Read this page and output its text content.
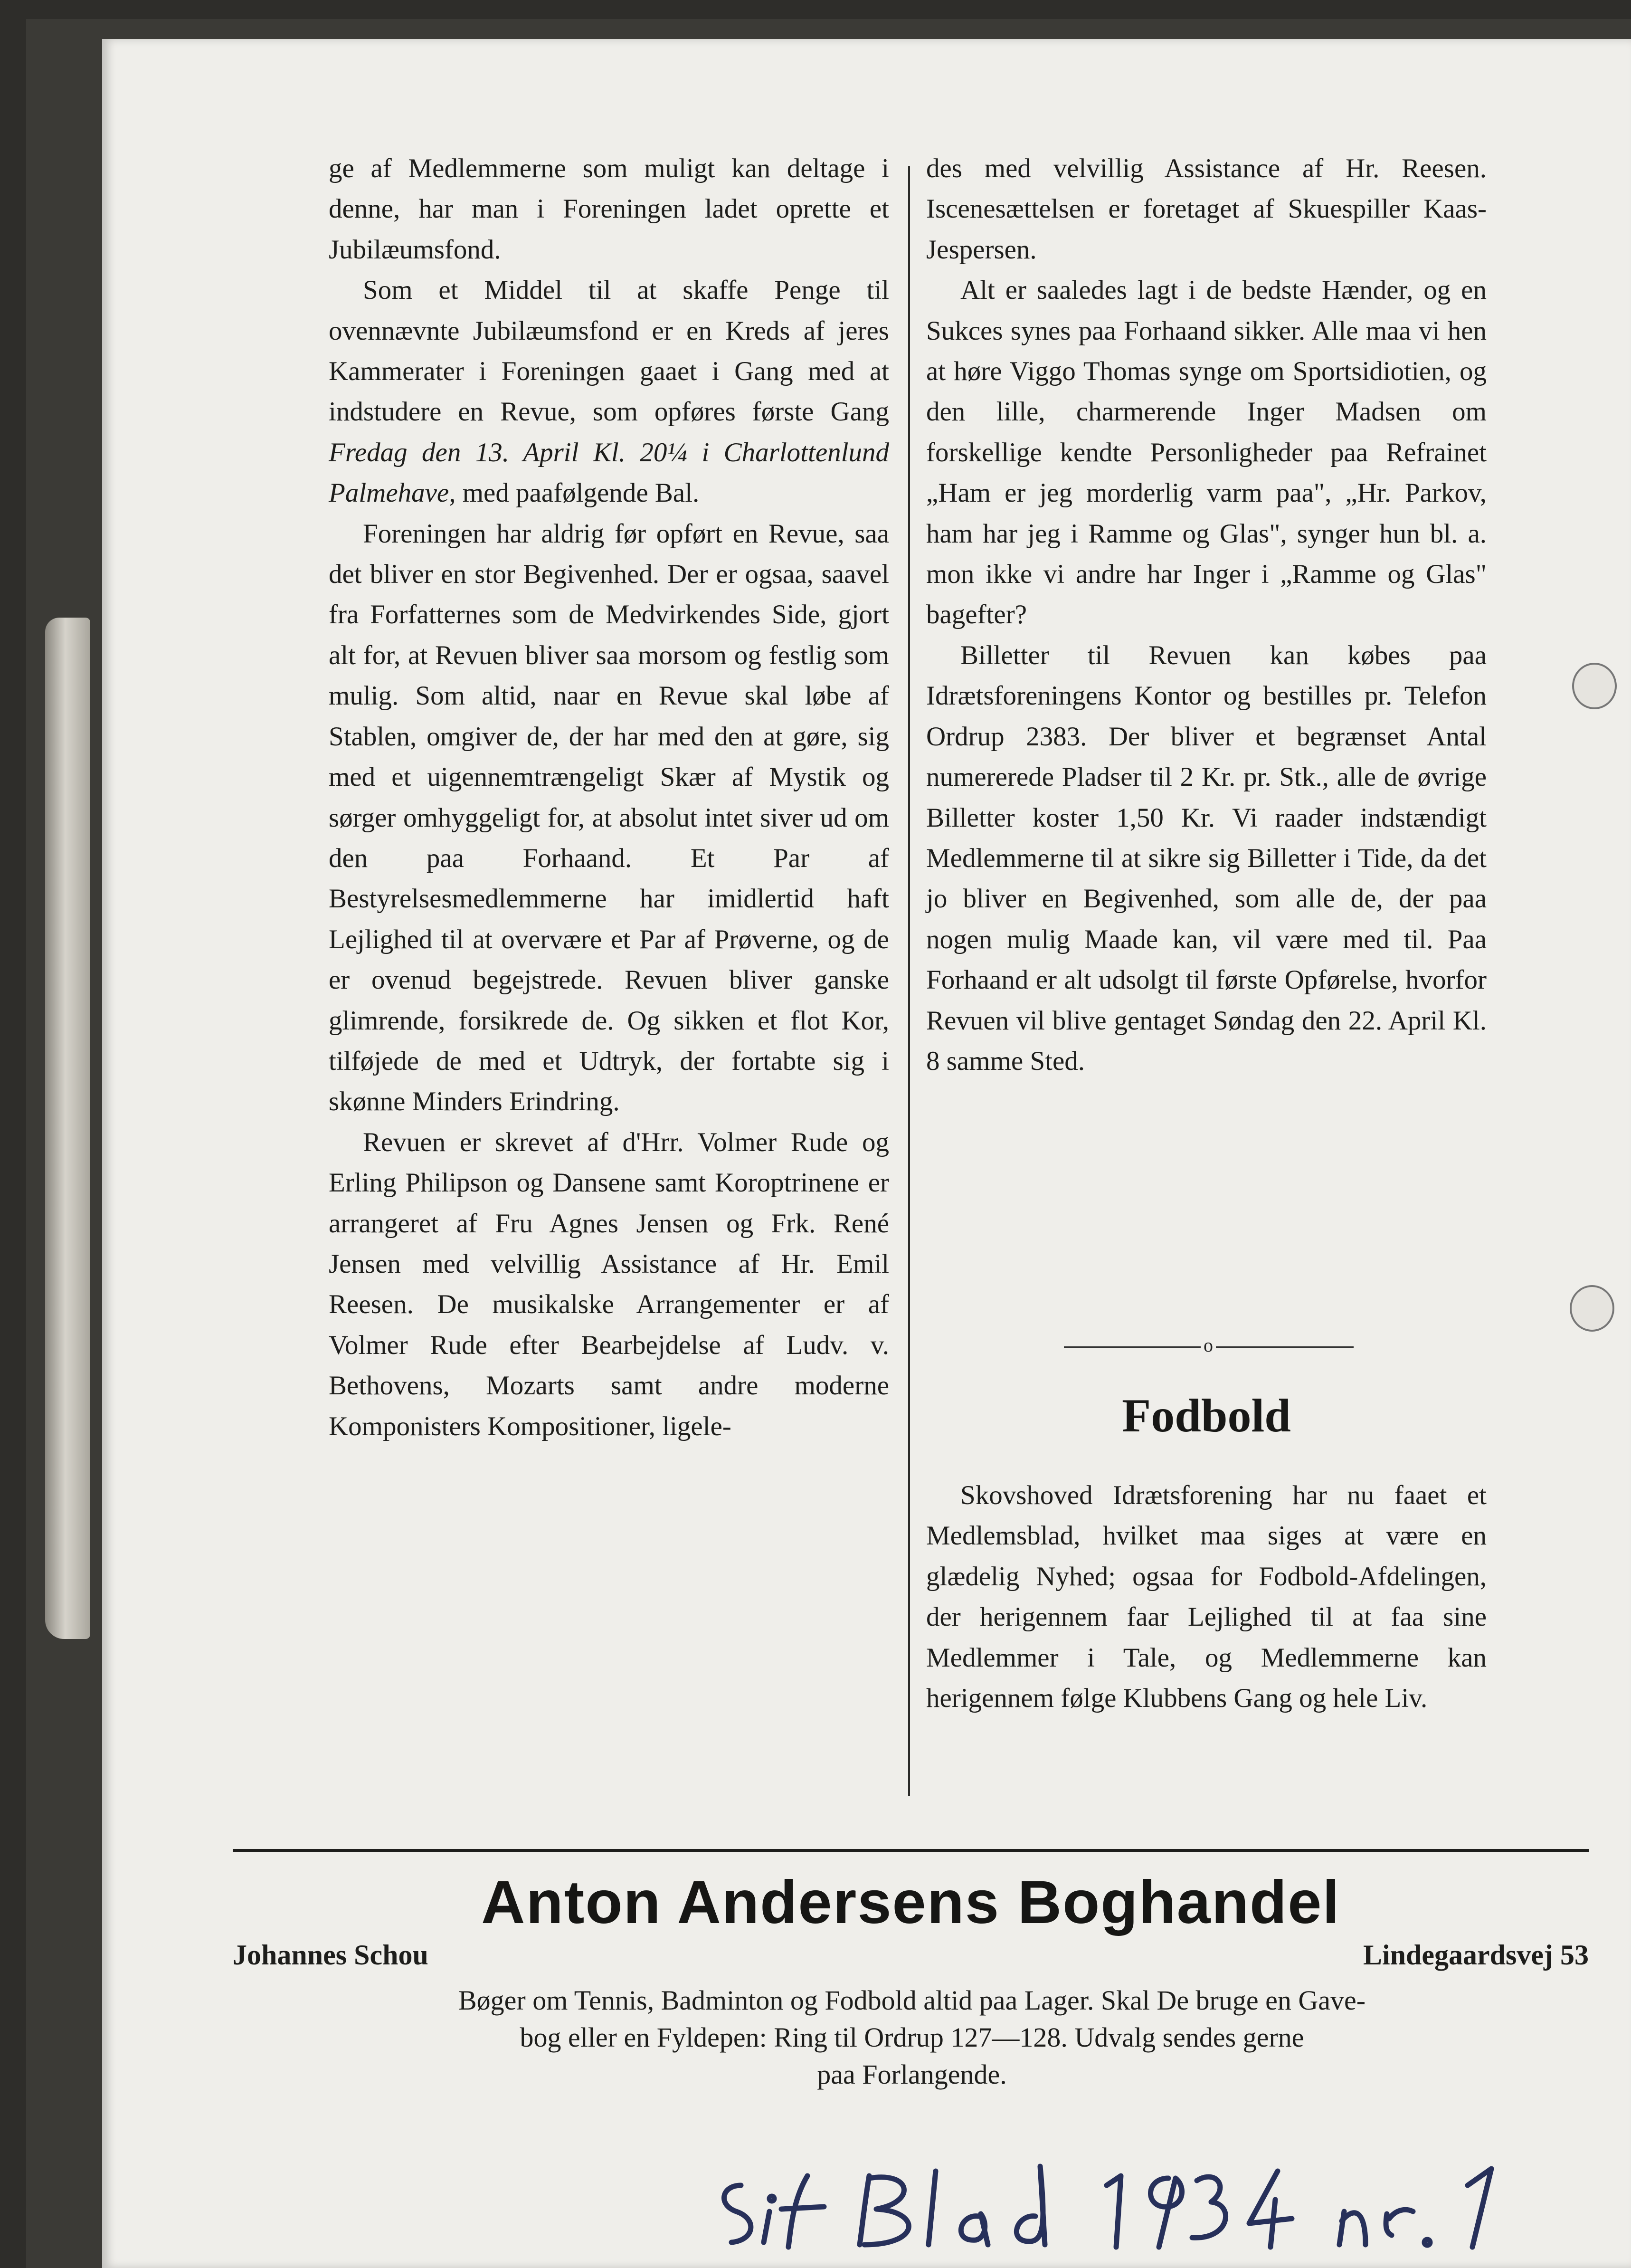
ge af Medlemmerne som muligt kan deltage i denne, har man i Foreningen ladet oprette et Jubilæumsfond.

Som et Middel til at skaffe Penge til ovennævnte Jubilæumsfond er en Kreds af jeres Kammerater i Foreningen gaaet i Gang med at indstudere en Revue, som opføres første Gang Fredag den 13. April Kl. 20¼ i Charlottenlund Palmehave, med paafølgende Bal.

Foreningen har aldrig før opført en Revue, saa det bliver en stor Begivenhed. Der er ogsaa, saavel fra Forfatternes som de Medvirkendes Side, gjort alt for, at Revuen bliver saa morsom og festlig som mulig. Som altid, naar en Revue skal løbe af Stablen, omgiver de, der har med den at gøre, sig med et uigennemtrængeligt Skær af Mystik og sørger omhyggeligt for, at absolut intet siver ud om den paa Forhaand. Et Par af Bestyrelsesmedlemmerne har imidlertid haft Lejlighed til at overvære et Par af Prøverne, og de er ovenud begejstrede. Revuen bliver ganske glimrende, forsikrede de. Og sikken et flot Kor, tilføjede de med et Udtryk, der fortabte sig i skønne Minders Erindring.

Revuen er skrevet af d'Hrr. Volmer Rude og Erling Philipson og Dansene samt Koroptrinene er arrangeret af Fru Agnes Jensen og Frk. René Jensen med velvillig Assistance af Hr. Emil Reesen. De musikalske Arrangementer er af Volmer Rude efter Bearbejdelse af Ludv. v. Bethovens, Mozarts samt andre moderne Komponisters Kompositioner, ligele-

des med velvillig Assistance af Hr. Reesen. Iscenesættelsen er foretaget af Skuespiller Kaas-Jespersen.

Alt er saaledes lagt i de bedste Hænder, og en Sukces synes paa Forhaand sikker. Alle maa vi hen at høre Viggo Thomas synge om Sportsidiotien, og den lille, charmerende Inger Madsen om forskellige kendte Personligheder paa Refrainet „Ham er jeg morderlig varm paa", „Hr. Parkov, ham har jeg i Ramme og Glas", synger hun bl. a. mon ikke vi andre har Inger i „Ramme og Glas" bagefter?

Billetter til Revuen kan købes paa Idrætsforeningens Kontor og bestilles pr. Telefon Ordrup 2383. Der bliver et begrænset Antal numererede Pladser til 2 Kr. pr. Stk., alle de øvrige Billetter koster 1,50 Kr. Vi raader indstændigt Medlemmerne til at sikre sig Billetter i Tide, da det jo bliver en Begivenhed, som alle de, der paa nogen mulig Maade kan, vil være med til. Paa Forhaand er alt udsolgt til første Opførelse, hvorfor Revuen vil blive gentaget Søndag den 22. April Kl. 8 samme Sted.

o
Fodbold

Skovshoved Idrætsforening har nu faaet et Medlemsblad, hvilket maa siges at være en glædelig Nyhed; ogsaa for Fodbold-Afdelingen, der herigennem faar Lejlighed til at faa sine Medlemmer i Tale, og Medlemmerne kan herigennem følge Klubbens Gang og hele Liv.

Anton Andersens Boghandel
Johannes Schou	Lindegaardsvej 53
Bøger om Tennis, Badminton og Fodbold altid paa Lager. Skal De bruge en Gave-
bog eller en Fyldepen: Ring til Ordrup 127—128. Udvalg sendes gerne
paa Forlangende.
Sif Blad 1934 nr. 1
